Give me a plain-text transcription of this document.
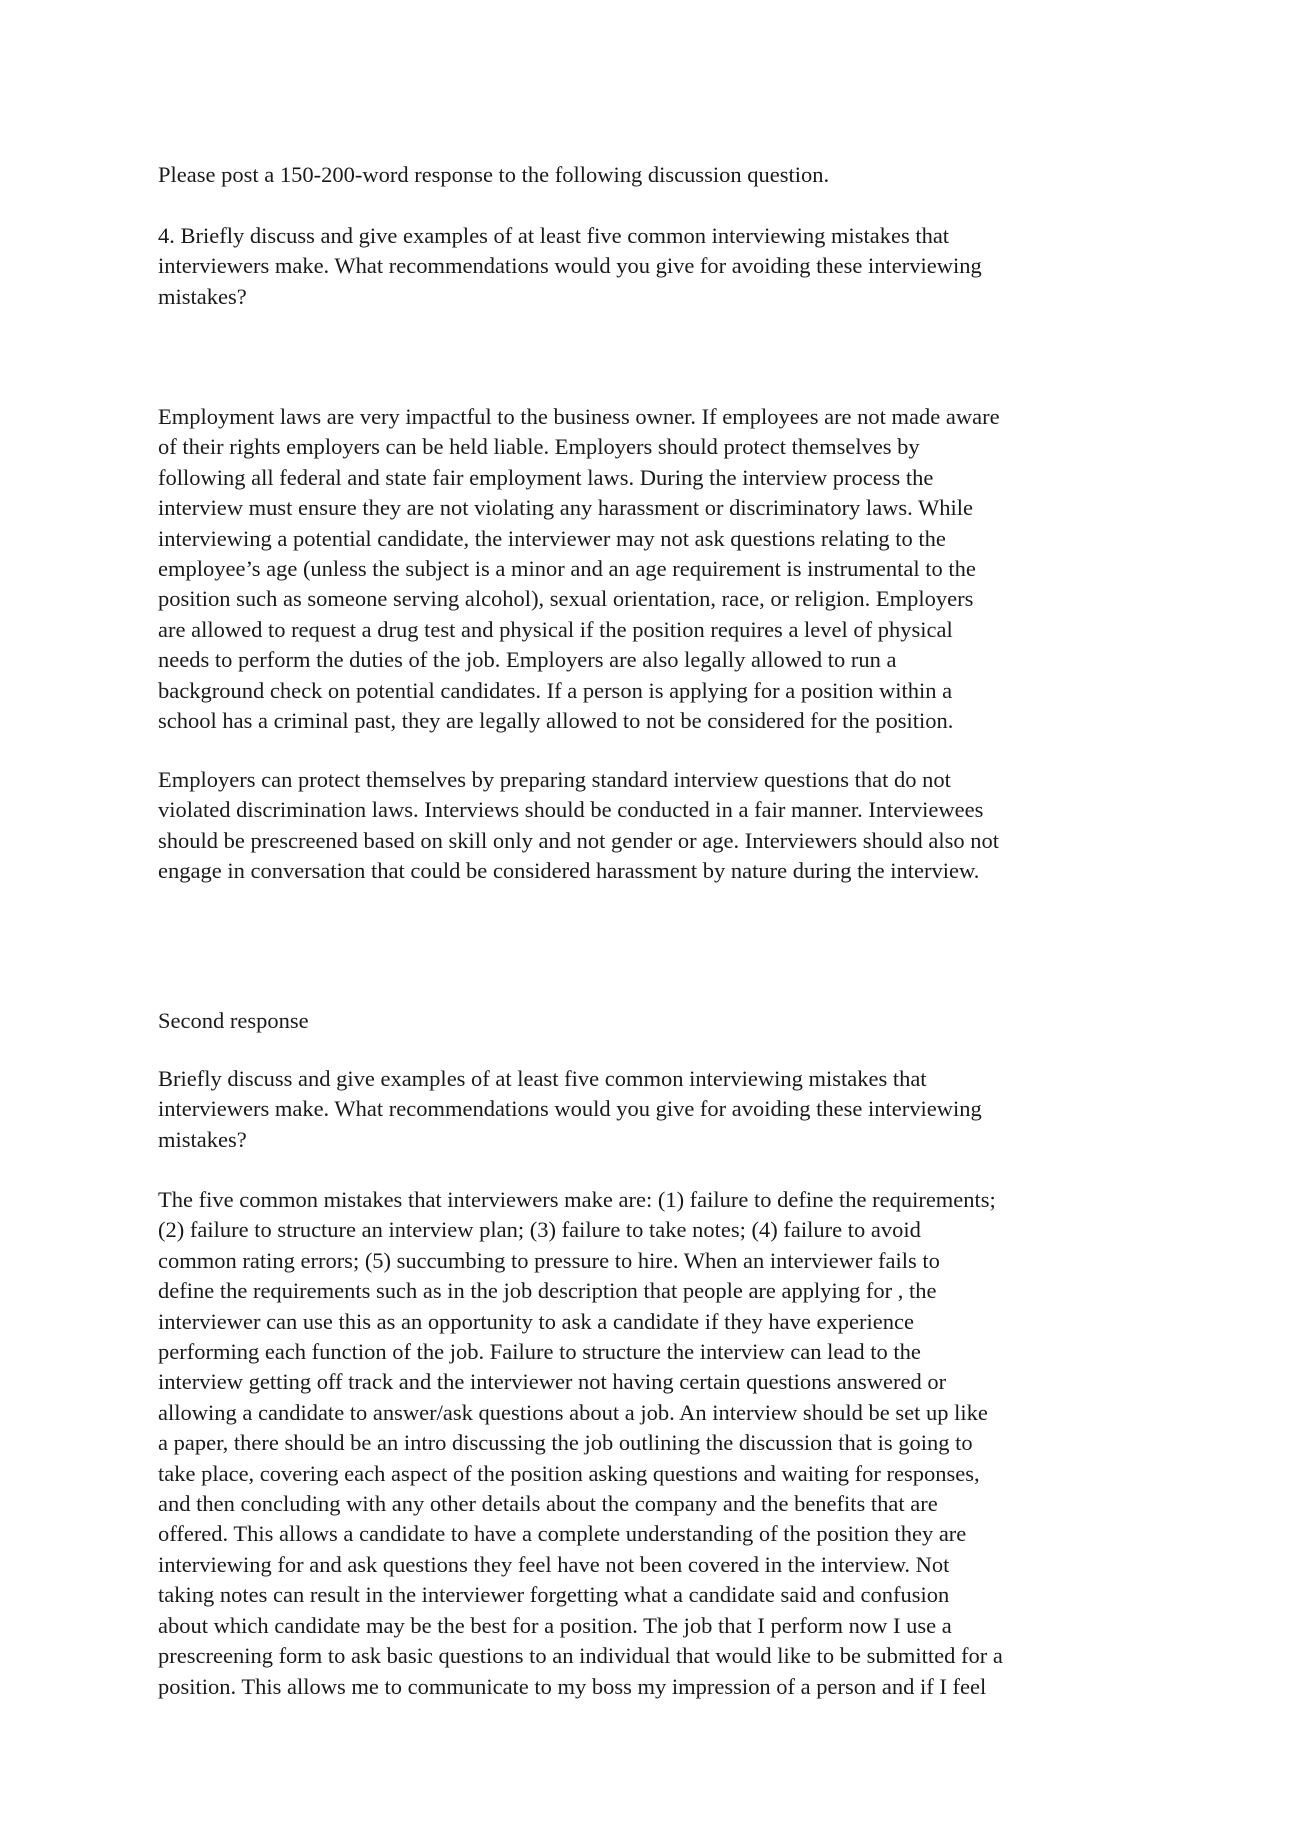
Please post a 150-200-word response to the following discussion question.

4. Briefly discuss and give examples of at least five common interviewing mistakes that
interviewers make. What recommendations would you give for avoiding these interviewing
mistakes?

Employment laws are very impactful to the business owner. If employees are not made aware
of their rights employers can be held liable. Employers should protect themselves by
following all federal and state fair employment laws. During the interview process the
interview must ensure they are not violating any harassment or discriminatory laws. While
interviewing a potential candidate, the interviewer may not ask questions relating to the
employee’s age (unless the subject is a minor and an age requirement is instrumental to the
position such as someone serving alcohol), sexual orientation, race, or religion. Employers
are allowed to request a drug test and physical if the position requires a level of physical
needs to perform the duties of the job. Employers are also legally allowed to run a
background check on potential candidates. If a person is applying for a position within a
school has a criminal past, they are legally allowed to not be considered for the position.

Employers can protect themselves by preparing standard interview questions that do not
violated discrimination laws. Interviews should be conducted in a fair manner. Interviewees
should be prescreened based on skill only and not gender or age. Interviewers should also not
engage in conversation that could be considered harassment by nature during the interview.

Second response

Briefly discuss and give examples of at least five common interviewing mistakes that
interviewers make. What recommendations would you give for avoiding these interviewing
mistakes?

The five common mistakes that interviewers make are: (1) failure to define the requirements;
(2) failure to structure an interview plan; (3) failure to take notes; (4) failure to avoid
common rating errors; (5) succumbing to pressure to hire. When an interviewer fails to
define the requirements such as in the job description that people are applying for , the
interviewer can use this as an opportunity to ask a candidate if they have experience
performing each function of the job. Failure to structure the interview can lead to the
interview getting off track and the interviewer not having certain questions answered or
allowing a candidate to answer/ask questions about a job. An interview should be set up like
a paper, there should be an intro discussing the job outlining the discussion that is going to
take place, covering each aspect of the position asking questions and waiting for responses,
and then concluding with any other details about the company and the benefits that are
offered. This allows a candidate to have a complete understanding of the position they are
interviewing for and ask questions they feel have not been covered in the interview. Not
taking notes can result in the interviewer forgetting what a candidate said and confusion
about which candidate may be the best for a position. The job that I perform now I use a
prescreening form to ask basic questions to an individual that would like to be submitted for a
position. This allows me to communicate to my boss my impression of a person and if I feel
